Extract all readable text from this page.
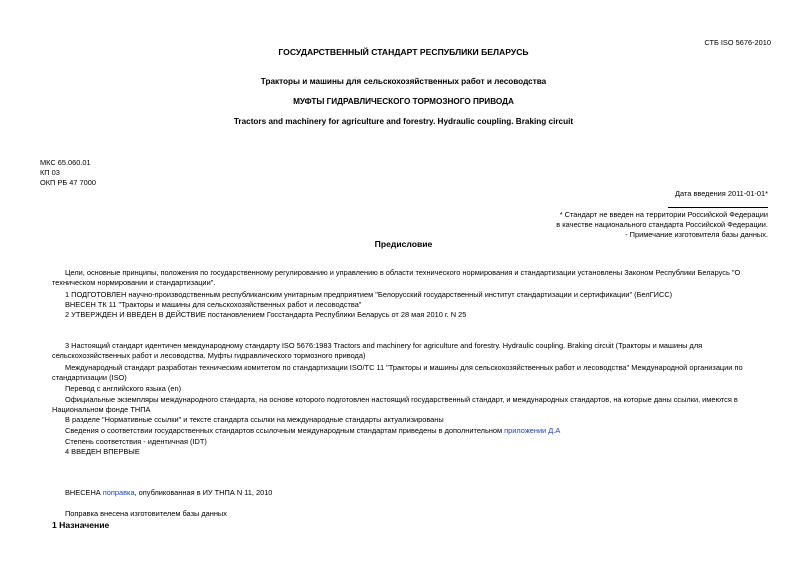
СТБ ISO 5676-2010
ГОСУДАРСТВЕННЫЙ СТАНДАРТ РЕСПУБЛИКИ БЕЛАРУСЬ
Тракторы и машины для сельскохозяйственных работ и лесоводства
МУФТЫ ГИДРАВЛИЧЕСКОГО ТОРМОЗНОГО ПРИВОДА
Tractors and machinery for agriculture and forestry. Hydraulic coupling. Braking circuit
МКС 65.060.01
КП 03
ОКП РБ 47 7000
Дата введения 2011-01-01*
* Стандарт не введен на территории Российской Федерации
в качестве национального стандарта Российской Федерации.
- Примечание изготовителя базы данных.
Предисловие
Цели, основные принципы, положения по государственному регулированию и управлению в области технического нормирования и стандартизации установлены Законом Республики Беларусь "О техническом нормировании и стандартизации".
1 ПОДГОТОВЛЕН научно-производственным республиканским унитарным предприятием "Белорусский государственный институт стандартизации и сертификации" (БелГИСС)
ВНЕСЕН ТК 11 "Тракторы и машины для сельскохозяйственных работ и лесоводства"
2 УТВЕРЖДЕН И ВВЕДЕН В ДЕЙСТВИЕ постановлением Госстандарта Республики Беларусь от 28 мая 2010 г. N 25
3 Настоящий стандарт идентичен международному стандарту ISO 5676:1983 Tractors and machinery for agriculture and forestry. Hydraulic coupling. Braking circuit (Тракторы и машины для сельскохозяйственных работ и лесоводства. Муфты гидравлического тормозного привода)
Международный стандарт разработан техническим комитетом по стандартизации ISO/TC 11 "Тракторы и машины для сельскохозяйственных работ и лесоводства" Международной организации по стандартизации (ISO)
Перевод с английского языка (en)
Официальные экземпляры международного стандарта, на основе которого подготовлен настоящий государственный стандарт, и международных стандартов, на которые даны ссылки, имеются в Национальном фонде ТНПА
В разделе "Нормативные ссылки" и тексте стандарта ссылки на международные стандарты актуализированы
Сведения о соответствии государственных стандартов ссылочным международным стандартам приведены в дополнительном приложении Д.А
Степень соответствия - идентичная (IDT)
4 ВВЕДЕН ВПЕРВЫЕ
ВНЕСЕНА поправка, опубликованная в ИУ ТНПА N 11, 2010
Поправка внесена изготовителем базы данных
1 Назначение
